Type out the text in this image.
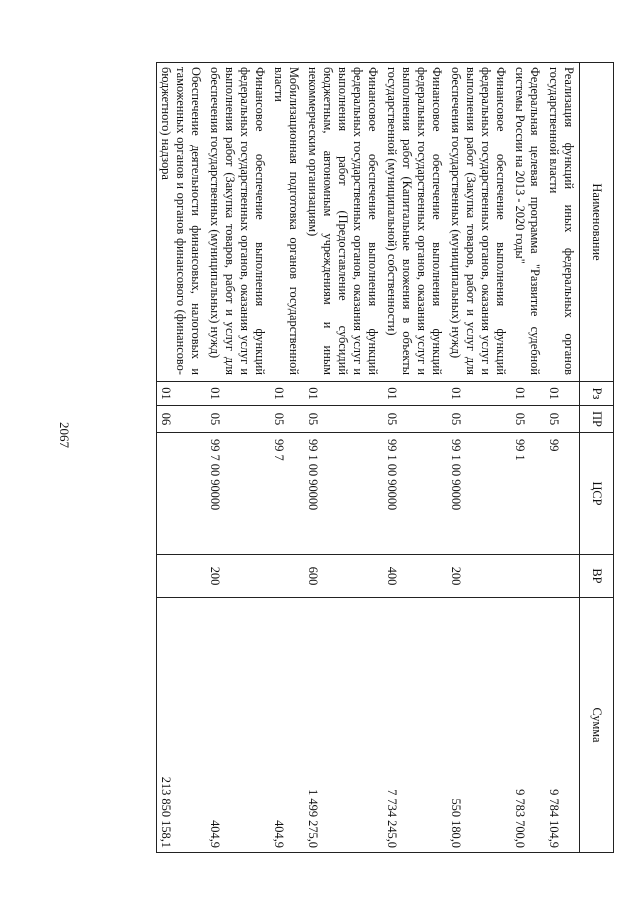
2067
Наименование	Рз	ПР	ЦСР	ВР	Сумма
Реализация функций иных федеральных органов государственной власти	01	05	99		9 784 104,9
Федеральная целевая программа "Развитие судебной системы России на 2013 - 2020 годы"	01	05	99 1		9 783 700,0
Финансовое обеспечение выполнения функций федеральных государственных органов, оказания услуг и выполнения работ (Закупка товаров, работ и услуг для обеспечения государственных (муниципальных) нужд)	01	05	99 1 00 90000	200	550 180,0
Финансовое обеспечение выполнения функций федеральных государственных органов, оказания услуг и выполнения работ (Капитальные вложения в объекты государственной (муниципальной) собственности)	01	05	99 1 00 90000	400	7 734 245,0
Финансовое обеспечение выполнения функций федеральных государственных органов, оказания услуг и выполнения работ (Предоставление субсидий бюджетным, автономным учреждениям и иным некоммерческим организациям)	01	05	99 1 00 90000	600	1 499 275,0
Мобилизационная подготовка органов государственной власти	01	05	99 7		404,9
Финансовое обеспечение выполнения функций федеральных государственных органов, оказания услуг и выполнения работ (Закупка товаров, работ и услуг для обеспечения государственных (муниципальных) нужд)	01	05	99 7 00 90000	200	404,9
Обеспечение деятельности финансовых, налоговых и таможенных органов и органов финансового (финансово-бюджетного) надзора	01	06			213 850 158,1
